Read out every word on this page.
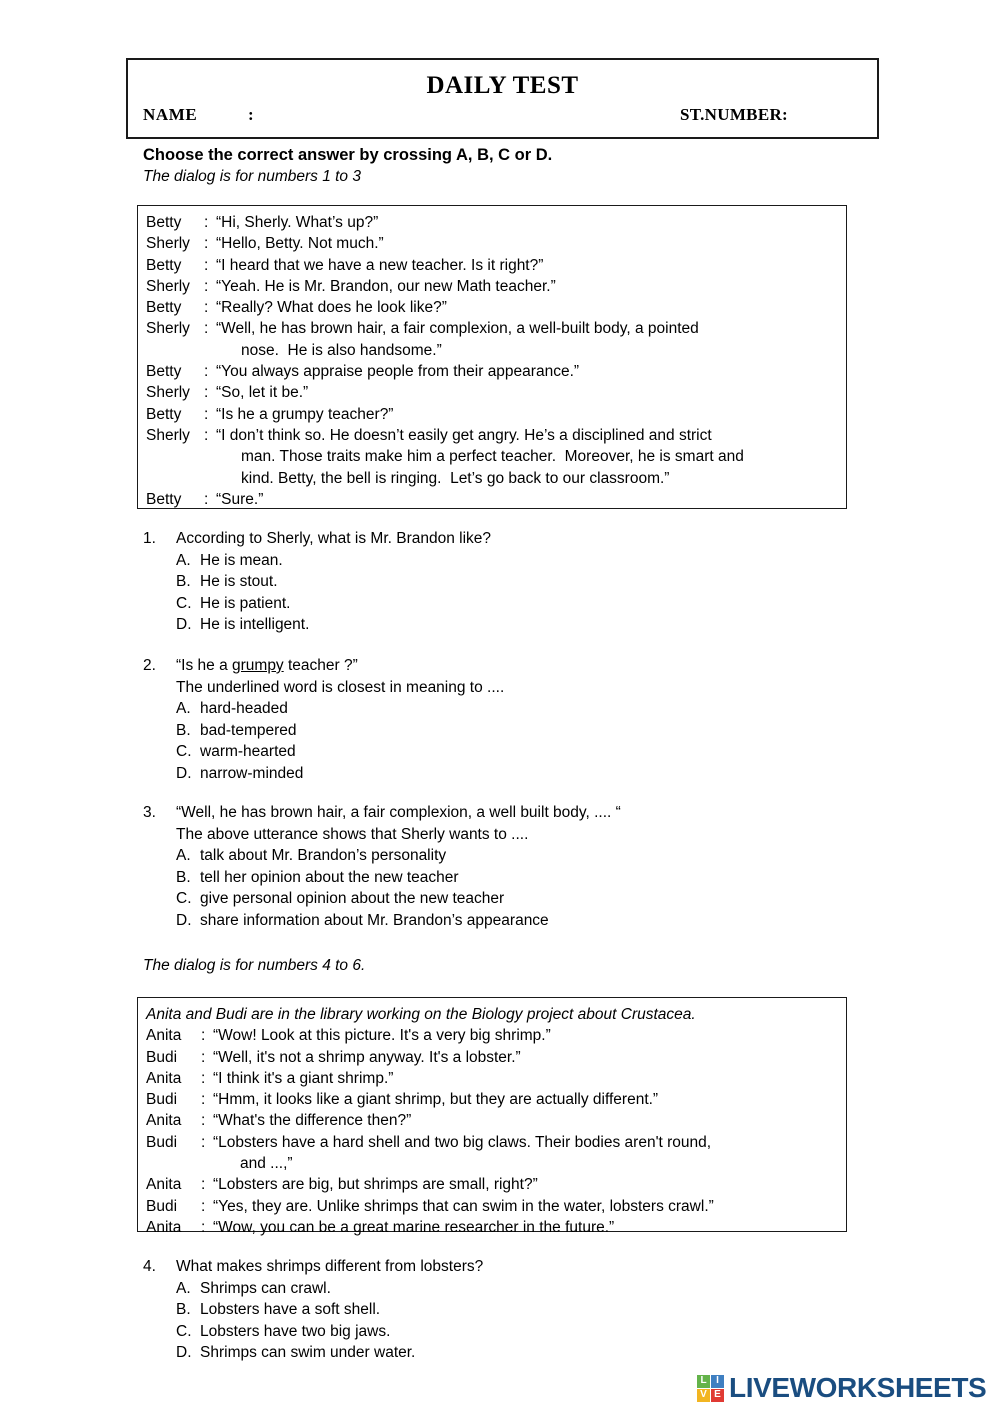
DAILY TEST
NAME	:	ST.NUMBER:
Choose the correct answer by crossing A, B, C or D.
The dialog is for numbers 1 to 3
Betty	: “Hi, Sherly. What’s up?”
Sherly : “Hello, Betty. Not much.”
Betty	: “I heard that we have a new teacher. Is it right?”
Sherly : “Yeah. He is Mr. Brandon, our new Math teacher.”
Betty	: “Really? What does he look like?”
Sherly : “Well, he has brown hair, a fair complexion, a well-built body, a pointed
nose.  He is also handsome.”
Betty	: “You always appraise people from their appearance.”
Sherly : “So, let it be.”
Betty	: “Is he a grumpy teacher?”
Sherly : “I don’t think so. He doesn’t easily get angry. He’s a disciplined and strict
man. Those traits make him a perfect teacher.  Moreover, he is smart and
kind. Betty, the bell is ringing.  Let’s go back to our classroom.”
Betty	: “Sure.”
1.	According to Sherly, what is Mr. Brandon like?
A. He is mean.
B. He is stout.
C. He is patient.
D. He is intelligent.
2.	“Is he a grumpy teacher ?”
The underlined word is closest in meaning to ....
A. hard-headed
B. bad-tempered
C. warm-hearted
D. narrow-minded
3.	“Well, he has brown hair, a fair complexion, a well built body, .... “
The above utterance shows that Sherly wants to ....
A. talk about Mr. Brandon’s personality
B. tell her opinion about the new teacher
C. give personal opinion about the new teacher
D. share information about Mr. Brandon’s appearance
The dialog is for numbers 4 to 6.
Anita and Budi are in the library working on the Biology project about Crustacea.
Anita	: “Wow! Look at this picture. It's a very big shrimp.”
Budi	: “Well, it's not a shrimp anyway. It's a lobster.”
Anita	: “I think it's a giant shrimp.”
Budi	: “Hmm, it looks like a giant shrimp, but they are actually different.”
Anita	: “What's the difference then?”
Budi	: “Lobsters have a hard shell and two big claws. Their bodies aren't round,
and ...,”
Anita	: “Lobsters are big, but shrimps are small, right?”
Budi	: “Yes, they are. Unlike shrimps that can swim in the water, lobsters crawl.”
Anita	: “Wow, you can be a great marine researcher in the future.”
4.	What makes shrimps different from lobsters?
A. Shrimps can crawl.
B. Lobsters have a soft shell.
C. Lobsters have two big jaws.
D. Shrimps can swim under water.
L I
V E LIVEWORKSHEETS
